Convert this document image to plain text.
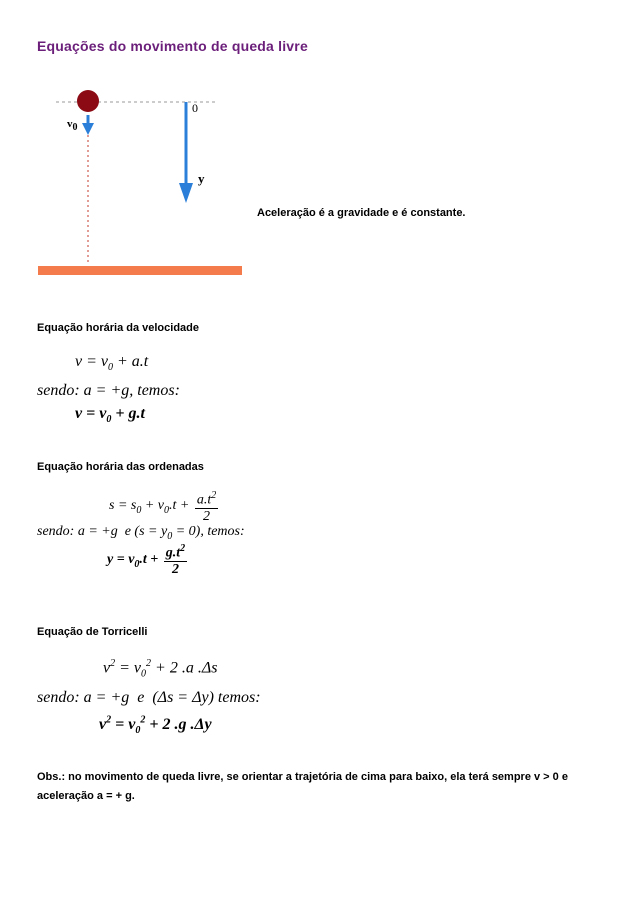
Equações do movimento de queda livre
$v_0$
0
y
Aceleração é a gravidade e é constante.
Equação horária da velocidade
$v = v_0 + a.t$
sendo: a = +g, temos:
$v = v_0 + g.t$
Equação horária das ordenadas
$s = s_0 + v_0.t + \frac{a.t^2}{2}$
sendo: a = +g  e $(s = y_0 = 0)$, temos:
$y = v_0.t + \frac{g.t^2}{2}$
Equação de Torricelli
$v^2 = v_0^2 + 2$ .a .Δs
sendo: a = +g  e  (Δs = Δy) temos:
$v^2 = v_0^2 + 2$ .g .Δy
Obs.: no movimento de queda livre, se orientar a trajetória de cima para baixo, ela terá sempre v > 0 e aceleração a = + g.
